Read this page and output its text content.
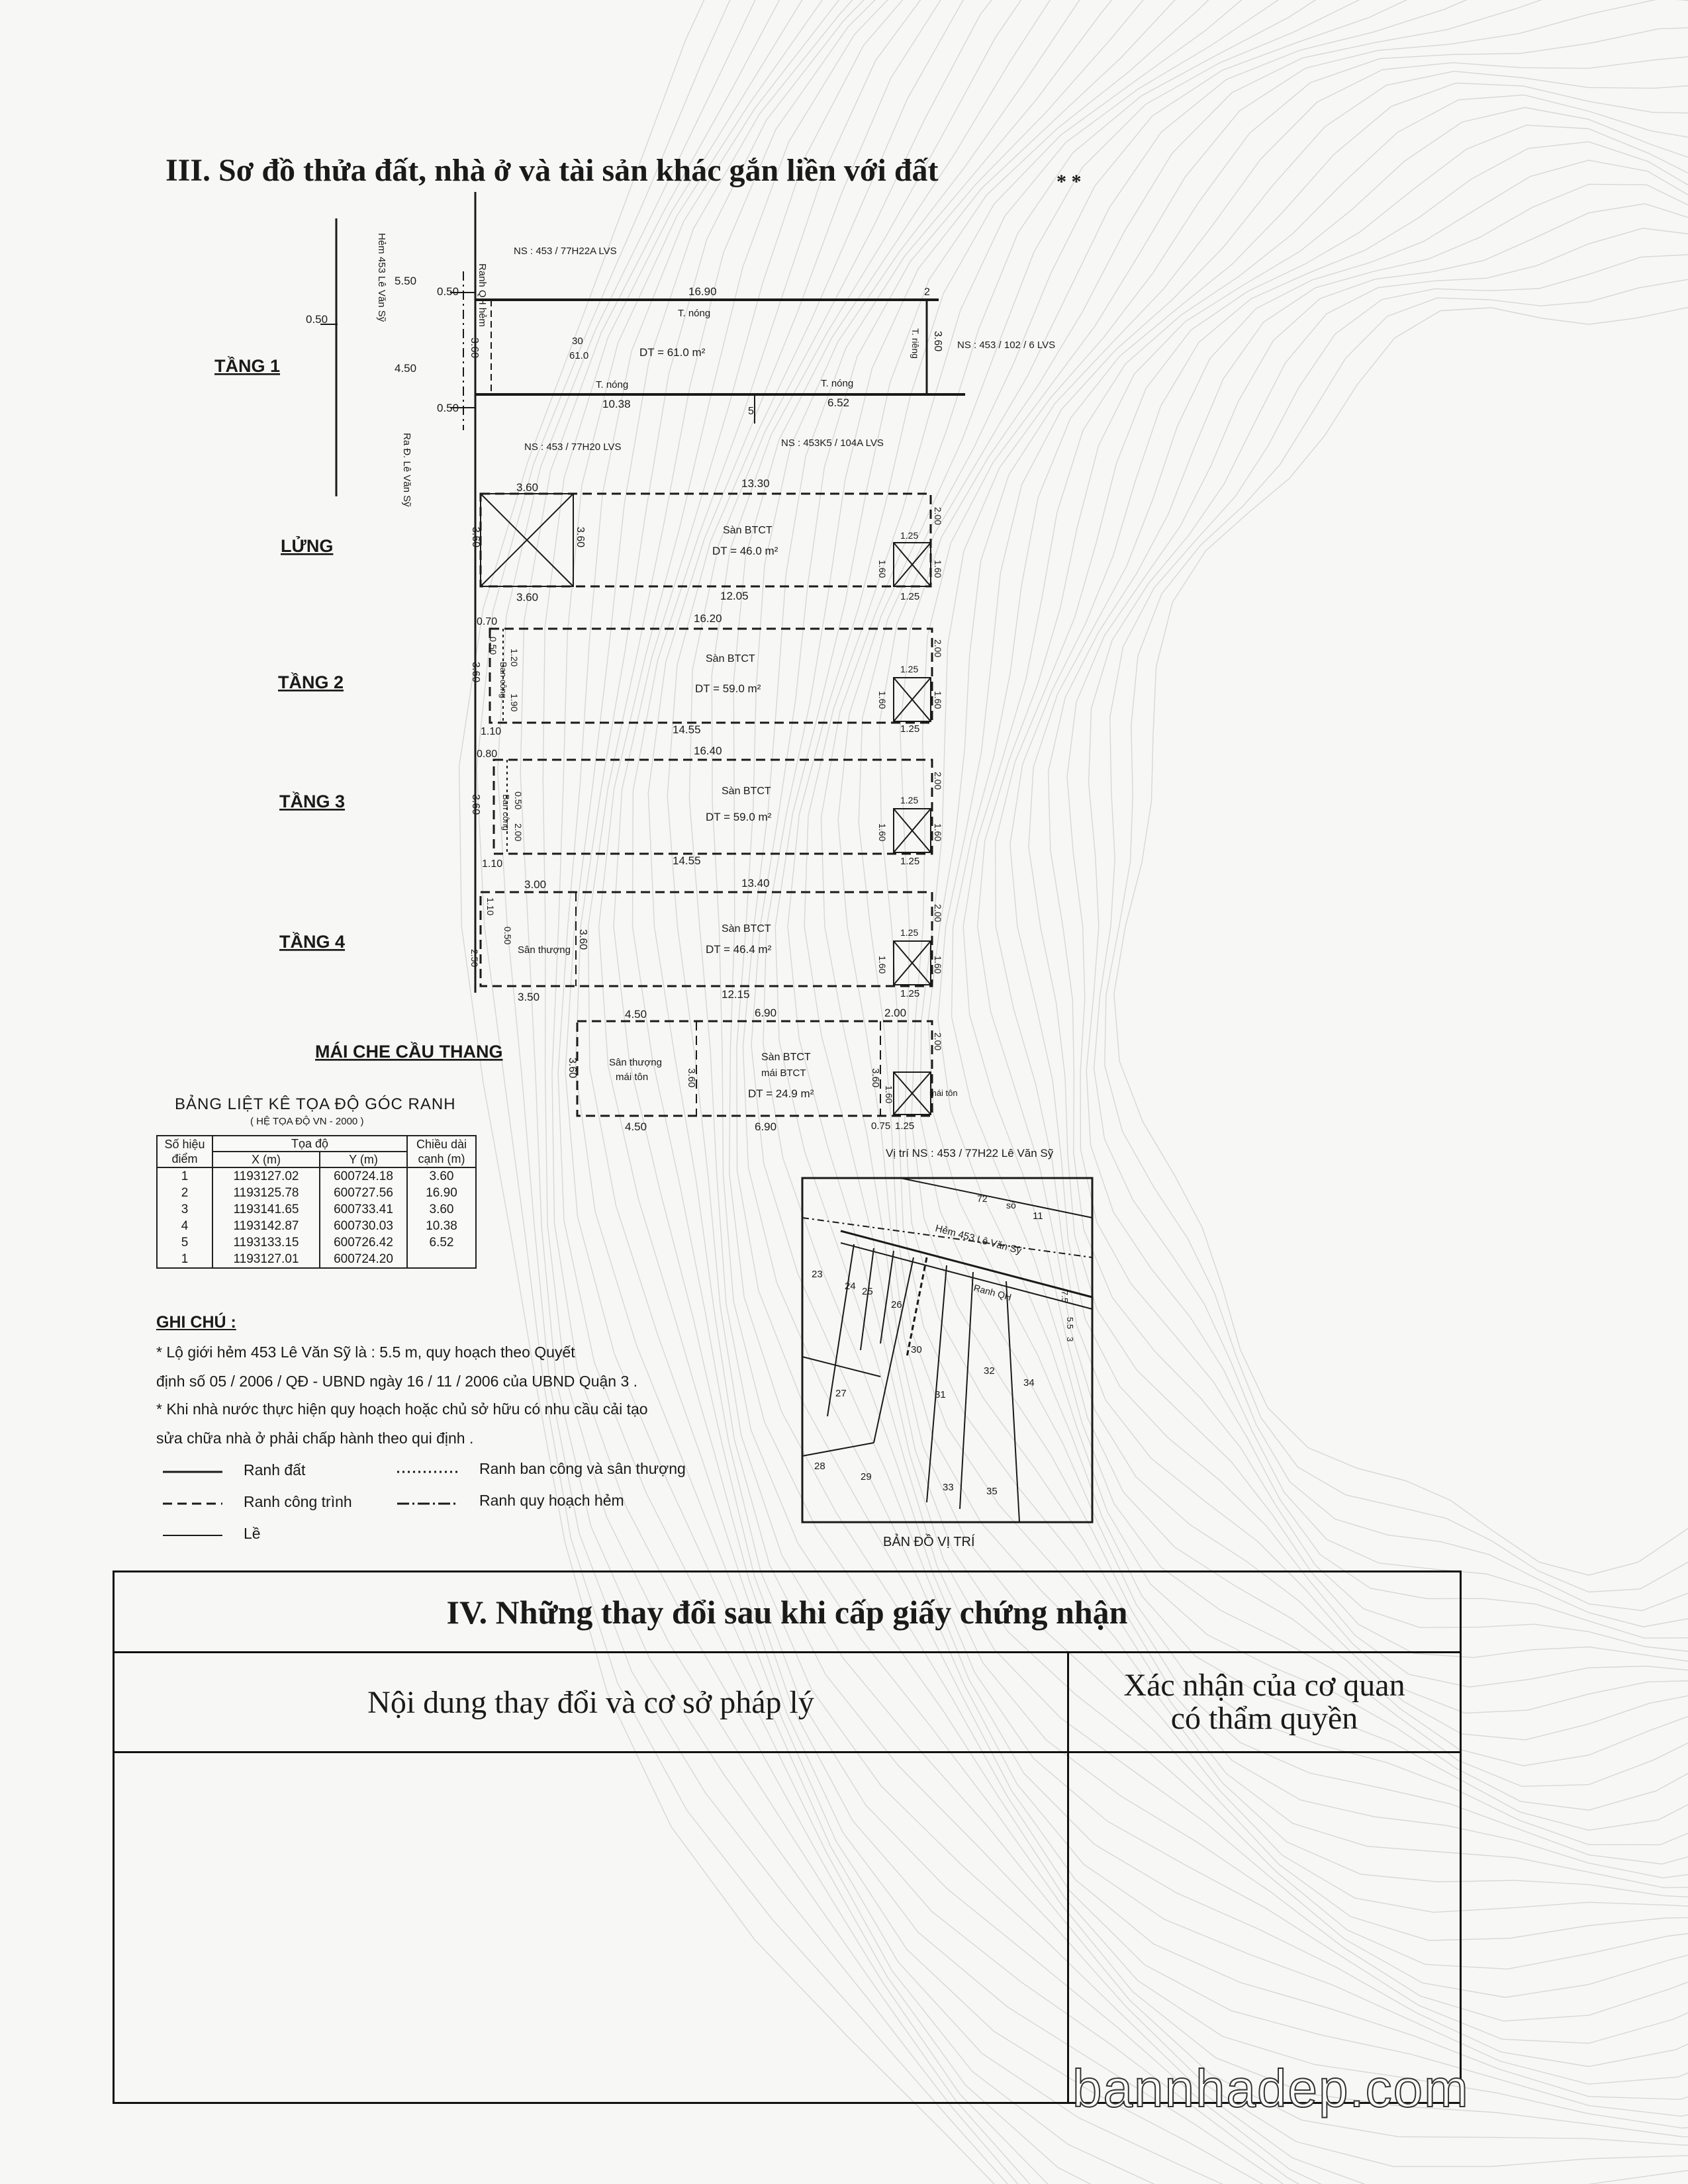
III. Sơ đồ thửa đất, nhà ở và tài sản khác gắn liền với đất	* *
TẦNG 1
LỬNG
TẦNG 2
TẦNG 3
TẦNG 4
MÁI CHE CẦU THANG
Hẻm 453 Lê Văn Sỹ
Ra Đ. Lê Văn Sỹ
Ranh QH hẻm
5.50
4.50
0.50
NS : 453 / 77H22A LVS
NS : 453 / 102 / 6 LVS
NS : 453 / 77H20 LVS	NS : 453K5 / 104A LVS
16.90
T. nóng
DT = 61.0 m²
30
61.0
T. nóng	T. nóng
T. riêng
10.38	6.52
3.60	3.60
0.50
0.50
2
5
3.60	13.30
Sàn BTCT
DT = 46.0 m²
3.60	12.05	1.25
3.60	3.60
2.00
1.60
1.25
1.60
0.70	16.20
Sàn BTCT
DT = 59.0 m²
1.10	14.55	1.25
3.60
0.50
1.20
1.90
Ban công
2.00
1.60
1.25
1.60
0.80	16.40
Sàn BTCT
DT = 59.0 m²
1.10	14.55	1.25
3.60	0.50
2.00
Ban công
2.00
1.60
1.25
1.60
3.00	13.40
Sàn BTCT
DT = 46.4 m²
Sân thượng
3.50	12.15	1.25
3.60
1.10
0.50
2.50
2.00
1.60
1.25
1.60
4.50	6.90	2.00
Sân thượng
mái tôn
Sàn BTCT
mái BTCT
DT = 24.9 m²	mái tôn
4.50	6.90	0.75 1.25
3.60	3.60	3.60
2.00
1.60
Vị trí NS : 453 / 77H22 Lê Văn Sỹ
BẢN ĐỒ VỊ TRÍ
Hẻm 453 Lê Văn Sỹ
Ranh QH
23
24 25
26
27
28
29
30
31
32
33
34
35
11
72
số
7.5
5.5
3
BẢNG LIỆT KÊ TỌA ĐỘ GÓC RANH
( HỆ TỌA ĐỘ VN - 2000 )
Số hiệu điểm	Tọa độ		Chiều dài cạnh (m)
	X (m)	Y (m)	
1	1193127.02	600724.18	3.60
2	1193125.78	600727.56	16.90
3	1193141.65	600733.41	3.60
4	1193142.87	600730.03	10.38
5	1193133.15	600726.42	6.52
1	1193127.01	600724.20	
GHI CHÚ :
* Lộ giới hẻm 453 Lê Văn Sỹ là : 5.5 m, quy hoạch theo Quyết
định số 05 / 2006 / QĐ - UBND ngày 16 / 11 / 2006 của UBND Quận 3 .
* Khi nhà nước thực hiện quy hoạch hoặc chủ sở hữu có nhu cầu cải tạo
sửa chữa nhà ở phải chấp hành theo qui định .
Ranh đất	Ranh ban công và sân thượng
Ranh công trình	Ranh quy hoạch hẻm
Lề
IV. Những thay đổi sau khi cấp giấy chứng nhận
Nội dung thay đổi và cơ sở pháp lý	Xác nhận của cơ quan
có thẩm quyền
bannhadep.com
